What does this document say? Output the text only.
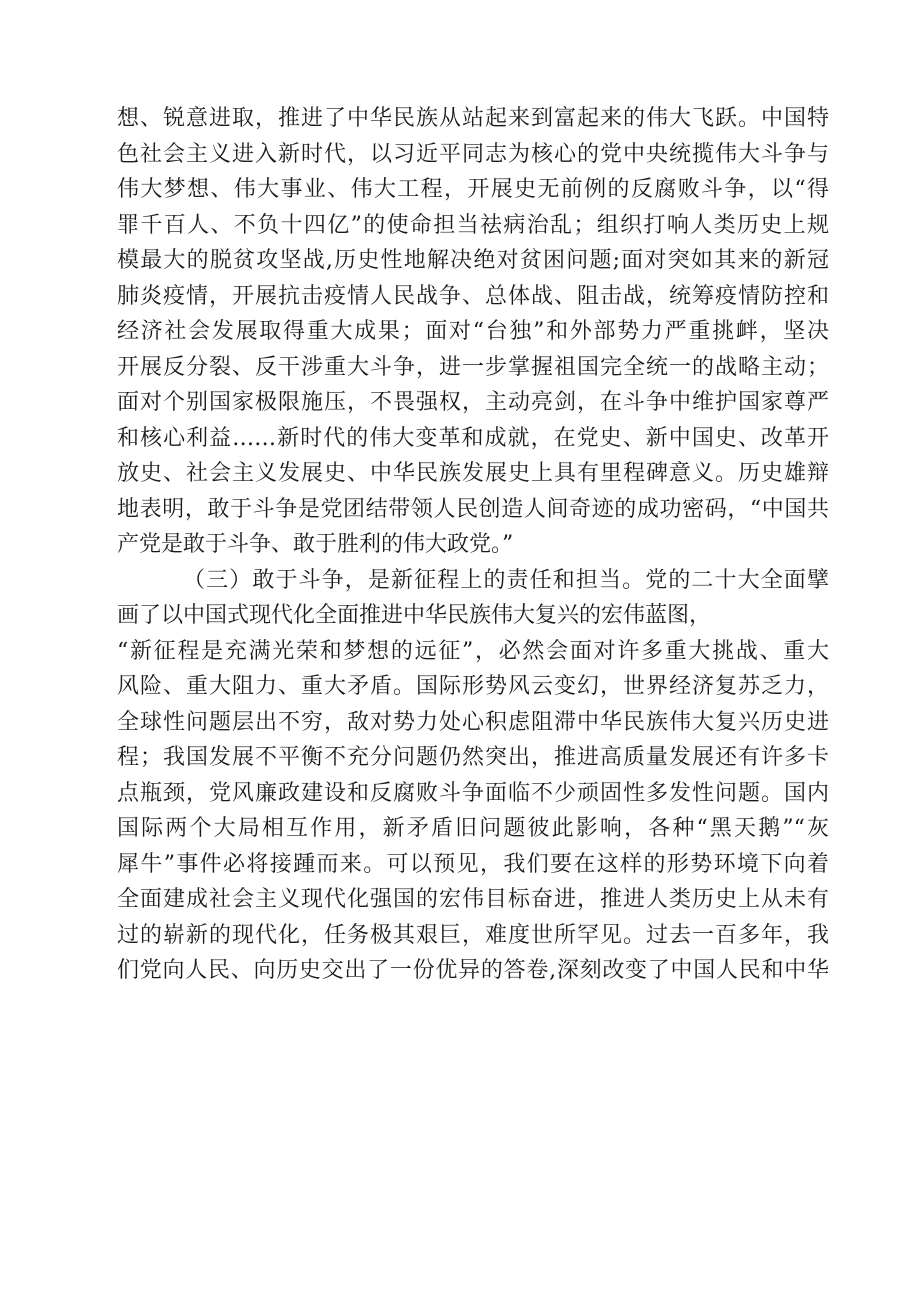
想、锐意进取，推进了中华民族从站起来到富起来的伟大飞跃。中国特
色社会主义进入新时代，以习近平同志为核心的党中央统揽伟大斗争与
伟大梦想、伟大事业、伟大工程，开展史无前例的反腐败斗争，以“得
罪千百人、不负十四亿”的使命担当祛病治乱；组织打响人类历史上规
模最大的脱贫攻坚战,历史性地解决绝对贫困问题;面对突如其来的新冠
肺炎疫情，开展抗击疫情人民战争、总体战、阻击战，统筹疫情防控和
经济社会发展取得重大成果；面对“台独”和外部势力严重挑衅，坚决
开展反分裂、反干涉重大斗争，进一步掌握祖国完全统一的战略主动；
面对个别国家极限施压，不畏强权，主动亮剑，在斗争中维护国家尊严
和核心利益……新时代的伟大变革和成就，在党史、新中国史、改革开
放史、社会主义发展史、中华民族发展史上具有里程碑意义。历史雄辩
地表明，敢于斗争是党团结带领人民创造人间奇迹的成功密码，“中国共
产党是敢于斗争、敢于胜利的伟大政党。”
（三）敢于斗争，是新征程上的责任和担当。党的二十大全面擘
画了以中国式现代化全面推进中华民族伟大复兴的宏伟蓝图，
“新征程是充满光荣和梦想的远征”，必然会面对许多重大挑战、重大
风险、重大阻力、重大矛盾。国际形势风云变幻，世界经济复苏乏力，
全球性问题层出不穷，敌对势力处心积虑阻滞中华民族伟大复兴历史进
程；我国发展不平衡不充分问题仍然突出，推进高质量发展还有许多卡
点瓶颈，党风廉政建设和反腐败斗争面临不少顽固性多发性问题。国内
国际两个大局相互作用，新矛盾旧问题彼此影响，各种“黑天鹅”“灰
犀牛”事件必将接踵而来。可以预见，我们要在这样的形势环境下向着
全面建成社会主义现代化强国的宏伟目标奋进，推进人类历史上从未有
过的崭新的现代化，任务极其艰巨，难度世所罕见。过去一百多年，我
们党向人民、向历史交出了一份优异的答卷,深刻改变了中国人民和中华
